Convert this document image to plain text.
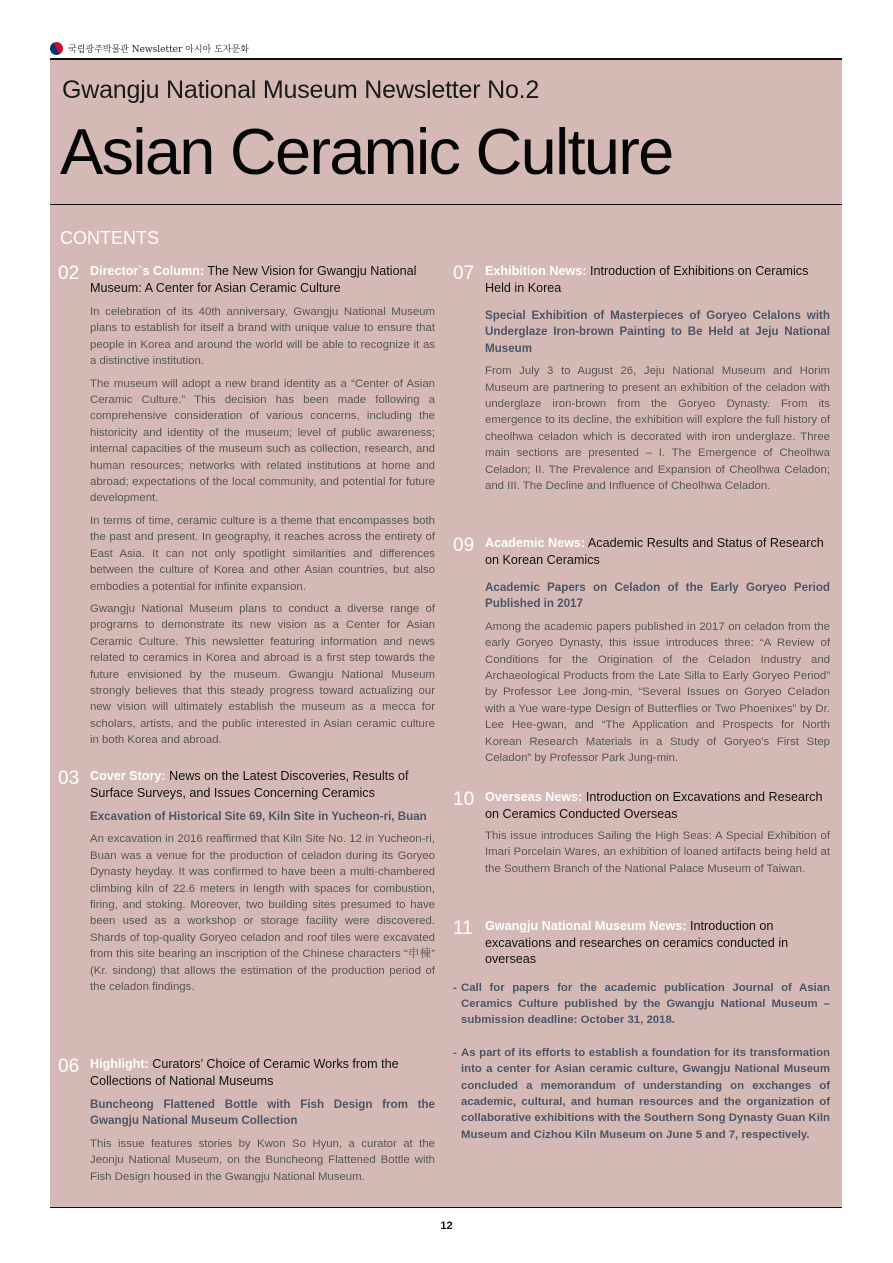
국립광주박물관 Newsletter 아시아 도자문화
Gwangju National Museum Newsletter No.2
Asian Ceramic Culture
CONTENTS
02 Director`s Column: The New Vision for Gwangju National Museum: A Center for Asian Ceramic Culture

In celebration of its 40th anniversary, Gwangju National Museum plans to establish for itself a brand with unique value to ensure that people in Korea and around the world will be able to recognize it as a distinctive institution.

The museum will adopt a new brand identity as a “Center of Asian Ceramic Culture.” This decision has been made following a comprehensive consideration of various concerns, including the historicity and identity of the museum; level of public awareness; internal capacities of the museum such as collection, research, and human resources; networks with related institutions at home and abroad; expectations of the local community, and potential for future development.

In terms of time, ceramic culture is a theme that encompasses both the past and present. In geography, it reaches across the entirety of East Asia. It can not only spotlight similarities and differences between the culture of Korea and other Asian countries, but also embodies a potential for infinite expansion.

Gwangju National Museum plans to conduct a diverse range of programs to demonstrate its new vision as a Center for Asian Ceramic Culture. This newsletter featuring information and news related to ceramics in Korea and abroad is a first step towards the future envisioned by the museum. Gwangju National Museum strongly believes that this steady progress toward actualizing our new vision will ultimately establish the museum as a mecca for scholars, artists, and the public interested in Asian ceramic culture in both Korea and abroad.

03 Cover Story: News on the Latest Discoveries, Results of Surface Surveys, and Issues Concerning Ceramics

Excavation of Historical Site 69, Kiln Site in Yucheon-ri, Buan

An excavation in 2016 reaffirmed that Kiln Site No. 12 in Yucheon-ri, Buan was a venue for the production of celadon during its Goryeo Dynasty heyday. It was confirmed to have been a multi-chambered climbing kiln of 22.6 meters in length with spaces for combustion, firing, and stoking. Moreover, two building sites presumed to have been used as a workshop or storage facility were discovered. Shards of top-quality Goryeo celadon and roof tiles were excavated from this site bearing an inscription of the Chinese characters “申棟” (Kr. sindong) that allows the estimation of the production period of the celadon findings.

06 Highlight: Curators’ Choice of Ceramic Works from the Collections of National Museums

Buncheong Flattened Bottle with Fish Design from the Gwangju National Museum Collection

This issue features stories by Kwon So Hyun, a curator at the Jeonju National Museum, on the Buncheong Flattened Bottle with Fish Design housed in the Gwangju National Museum.

07 Exhibition News: Introduction of Exhibitions on Ceramics Held in Korea

Special Exhibition of Masterpieces of Goryeo Celalons with Underglaze Iron-brown Painting to Be Held at Jeju National Museum

From July 3 to August 26, Jeju National Museum and Horim Museum are partnering to present an exhibition of the celadon with underglaze iron-brown from the Goryeo Dynasty. From its emergence to its decline, the exhibition will explore the full history of cheolhwa celadon which is decorated with iron underglaze. Three main sections are presented – I. The Emergence of Cheolhwa Celadon; II. The Prevalence and Expansion of Cheolhwa Celadon; and III. The Decline and Influence of Cheolhwa Celadon.

09 Academic News: Academic Results and Status of Research on Korean Ceramics

Academic Papers on Celadon of the Early Goryeo Period Published in 2017

Among the academic papers published in 2017 on celadon from the early Goryeo Dynasty, this issue introduces three: “A Review of Conditions for the Origination of the Celadon Industry and Archaeological Products from the Late Silla to Early Goryeo Period” by Professor Lee Jong-min, “Several Issues on Goryeo Celadon with a Yue ware-type Design of Butterflies or Two Phoenixes” by Dr. Lee Hee-gwan, and “The Application and Prospects for North Korean Research Materials in a Study of Goryeo’s First Step Celadon” by Professor Park Jung-min.

10 Overseas News: Introduction on Excavations and Research on Ceramics Conducted Overseas

This issue introduces Sailing the High Seas: A Special Exhibition of Imari Porcelain Wares, an exhibition of loaned artifacts being held at the Southern Branch of the National Palace Museum of Taiwan.

11 Gwangju National Museum News: Introduction on excavations and researches on ceramics conducted in overseas
- Call for papers for the academic publication Journal of Asian Ceramics Culture published by the Gwangju National Museum – submission deadline: October 31, 2018.
- As part of its efforts to establish a foundation for its transformation into a center for Asian ceramic culture, Gwangju National Museum concluded a memorandum of understanding on exchanges of academic, cultural, and human resources and the organization of collaborative exhibitions with the Southern Song Dynasty Guan Kiln Museum and Cizhou Kiln Museum on June 5 and 7, respectively.
12
